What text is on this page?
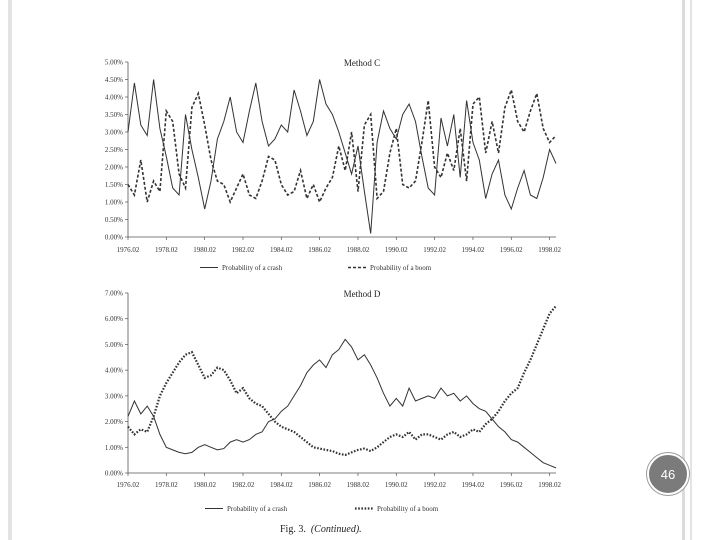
Method C
0.00%
0.50%
1.00%
1.50%
2.00%
2.50%
3.00%
3.50%
4.00%
4.50%
5.00%
1976.02 1978.02 1980.02 1982.02 1984.02 1986.02 1988.02 1990.02 1992.02 1994.02 1996.02 1998.02
Probability of a crash	Probability of a boom
Method D
0.00%
1.00%
2.00%
3.00%
4.00%
5.00%
6.00%
7.00%
1976.02 1978.02 1980.02 1982.02 1984.02 1986.02 1988.02 1990.02 1992.02 1994.02 1996.02 1998.02
Probability of a crash	Probability of a boom
46
Fig. 3. (Continued).
